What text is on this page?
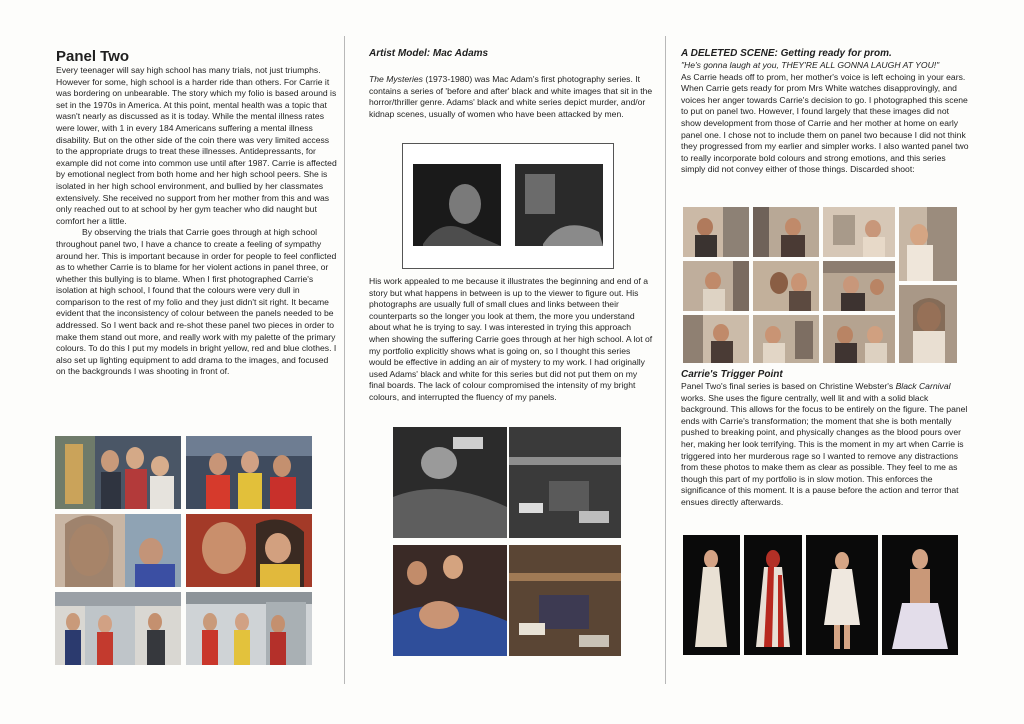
Panel Two

Every teenager will say high school has many trials, not just triumphs. However for some, high school is a harder ride than others. For Carrie it was bordering on unbearable. The story which my folio is based around is set in the 1970s in America. At this point, mental health was a topic that wasn't nearly as discussed as it is today. While the mental illness rates were lower, with 1 in every 184 Americans suffering a mental illness disability. But on the other side of the coin there was very limited access to the appropriate drugs to treat these illnesses. Antidepressants, for example did not come into common use until after 1987. Carrie is affected by emotional neglect from both home and her high school peers. She is isolated in her high school environment, and bullied by her classmates extensively. She received no support from her mother from this and was only reached out to at school by her gym teacher who did naught but comfort her a little.

By observing the trials that Carrie goes through at high school throughout panel two, I have a chance to create a feeling of sympathy around her. This is important because in order for people to feel conflicted as to whether Carrie is to blame for her violent actions in panel three, or whether this bullying is to blame. When I first photographed Carrie's isolation at high school, I found that the colours were very dull in comparison to the rest of my folio and they just didn't sit right. It became evident that the inconsistency of colour between the panels needed to be addressed. So I went back and re-shot these panel two pieces in order to make them stand out more, and really work with my palette of the primary colours. To do this I put my models in bright yellow, red and blue clothes. I also set up lighting equipment to add drama to the images, and focused on the backgrounds I was shooting in front of.

Artist Model: Mac Adams

The Mysteries (1973-1980) was Mac Adam's first photography series. It contains a series of 'before and after' black and white images that sit in the horror/thriller genre. Adams' black and white series depict murder, and/or kidnap scenes, usually of women who have been attacked by men.

His work appealed to me because it illustrates the beginning and end of a story but what happens in between is up to the viewer to figure out. His photographs are usually full of small clues and links between their counterparts so the longer you look at them, the more you understand about what he is trying to say. I was interested in trying this approach when showing the suffering Carrie goes through at her high school. A lot of my portfolio explicitly shows what is going on, so I thought this series would be effective in adding an air of mystery to my work. I had originally used Adams' black and white for this series but did not put them on my final boards. The lack of colour compromised the intensity of my bright colours, and interrupted the fluency of my panels.

A DELETED SCENE: Getting ready for prom.

"He's gonna laugh at you, THEY'RE ALL GONNA LAUGH AT YOU!"

As Carrie heads off to prom, her mother's voice is left echoing in your ears. When Carrie gets ready for prom Mrs White watches disapprovingly, and voices her anger towards Carrie's decision to go. I photographed this scene to put on panel two. However, I found largely that these images did not show development from those of Carrie and her mother at home on early panel one. I chose not to include them on panel two because I did not think they progressed from my earlier and simpler works. I also wanted panel two to really incorporate bold colours and strong emotions, and this series simply did not convey either of those things. Discarded shoot:

Carrie's Trigger Point

Panel Two's final series is based on Christine Webster's Black Carnival works. She uses the figure centrally, well lit and with a solid black background. This allows for the focus to be entirely on the figure. The panel ends with Carrie's transformation; the moment that she is both mentally pushed to breaking point, and physically changes as the blood pours over her, making her look terrifying. This is the moment in my art when Carrie is triggered into her murderous rage so I wanted to remove any distractions from these photos to make them as clear as possible. They feel to me as though this part of my portfolio is in slow motion. This enforces the significance of this moment. It is a pause before the action and terror that ensues directly afterwards.
